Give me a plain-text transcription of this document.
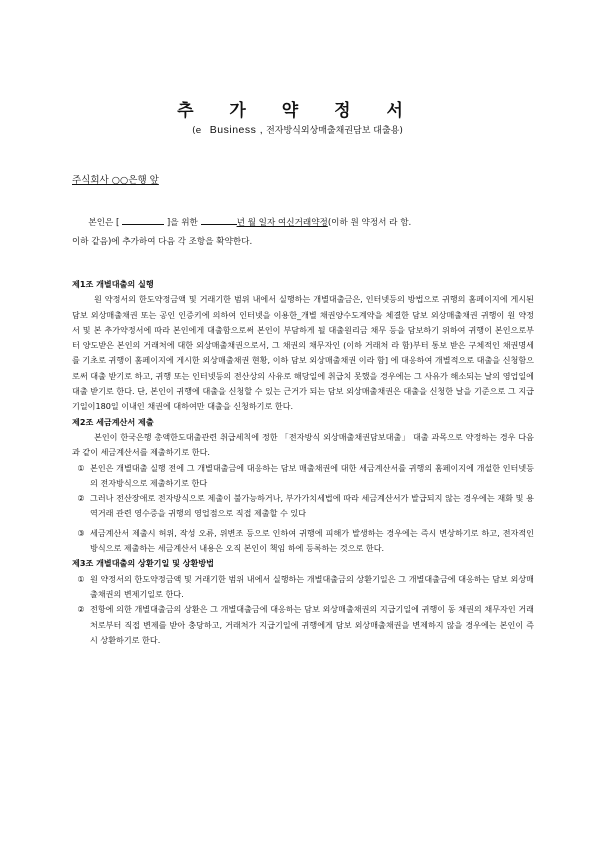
추 가 약 정 서
(e Business , 전자방식외상매출채권담보 대출용)
주식회사 ○○은행 앞
본인은 [	]을 위한	년 월 일자 여신거래약정(이하 원 약정서 라 함.
이하 같음)에 추가하여 다음 각 조항을 확약한다.
제1조 개별대출의 실행
원 약정서의 한도약정금액 및 거래기한 범위 내에서 실행하는 개별대출금은, 인터넷등의 방법으로 귀행의 홈페이지에 게시된 담보 외상매출채권 또는 공인 인증키에 의하여 인터넷을 이용한_개별 채권양수도계약을 체결한 담보 외상매출채권 귀행이 원 약정서 및 본 추가약정서에 따라 본인에게 대출함으로써 본인이 부담하게 될 대출원리금 채무 등을 담보하기 위하여 귀행이 본인으로부터 양도받은 본인의 거래처에 대한 외상매출채권으로서, 그 채권의 채무자인 (이하 거래처 라 함)부터 통보 받은 구체적인 채권명세를 기초로 귀행이 홈페이지에 게시한 외상매출채권 현황, 이하 담보 외상매출채권 이라 함] 에 대응하여 개별적으로 대출을 신청함으로써 대출 받기로 하고, 귀행 또는 인터넷등의 전산상의 사유로 해당일에 취급치 못했을 경우에는 그 사유가 해소되는 날의 영업일에 대출 받기로 한다. 단, 본인이 귀행에 대출을 신청할 수 있는 근거가 되는 담보 외상매출채권은 대출을 신청한 날을 기준으로 그 지급기일이180일 이내인 채권에 대하여만 대출을 신청하기로 한다.
제2조 세금계산서 제출
본인이 한국은행 총액한도대출관련 취급세칙에 정한 「전자방식 외상매출채권담보대출」 대출 과목으로 약정하는 경우 다음과 같이 세금계산서를 제출하기로 한다.
① 본인은 개별대출 실행 전에 그 개별대출금에 대응하는 담보 매출채권에 대한 세금계산서를 귀행의 홈페이지에 개설한 인터넷등의 전자방식으로 제출하기로 한다
② 그러나 전산장애로 전자방식으로 제출이 불가능하거나, 부가가치세법에 따라 세금계산서가 발급되지 않는 경우에는 재화 및 용역거래 관련 영수증을 귀행의 영업점으로 직접 제출할 수 있다
③ 세금계산서 제출시 허위, 작성 오류, 위변조 등으로 인하여 귀행에 피해가 발생하는 경우에는 즉시 변상하기로 하고, 전자적인 방식으로 제출하는 세금계산서 내용은 오직 본인이 책임 하에 등록하는 것으로 한다.
제3조 개별대출의 상환기일 및 상환방법
① 원 약정서의 한도약정금액 및 거래기한 범위 내에서 실행하는 개별대출금의 상환기일은 그 개별대출금에 대응하는 담보 외상매출채권의 변제기일로 한다.
② 전항에 의한 개별대출금의 상환은 그 개별대출금에 대응하는 담보 외상매출채권의 지급기일에 귀행이 동 채권의 채무자인 거래처로부터 직접 변제를 받아 충당하고, 거래처가 지급기일에 귀행에게 담보 외상매출채권을 변제하지 않을 경우에는 본인이 즉시 상환하기로 한다.
